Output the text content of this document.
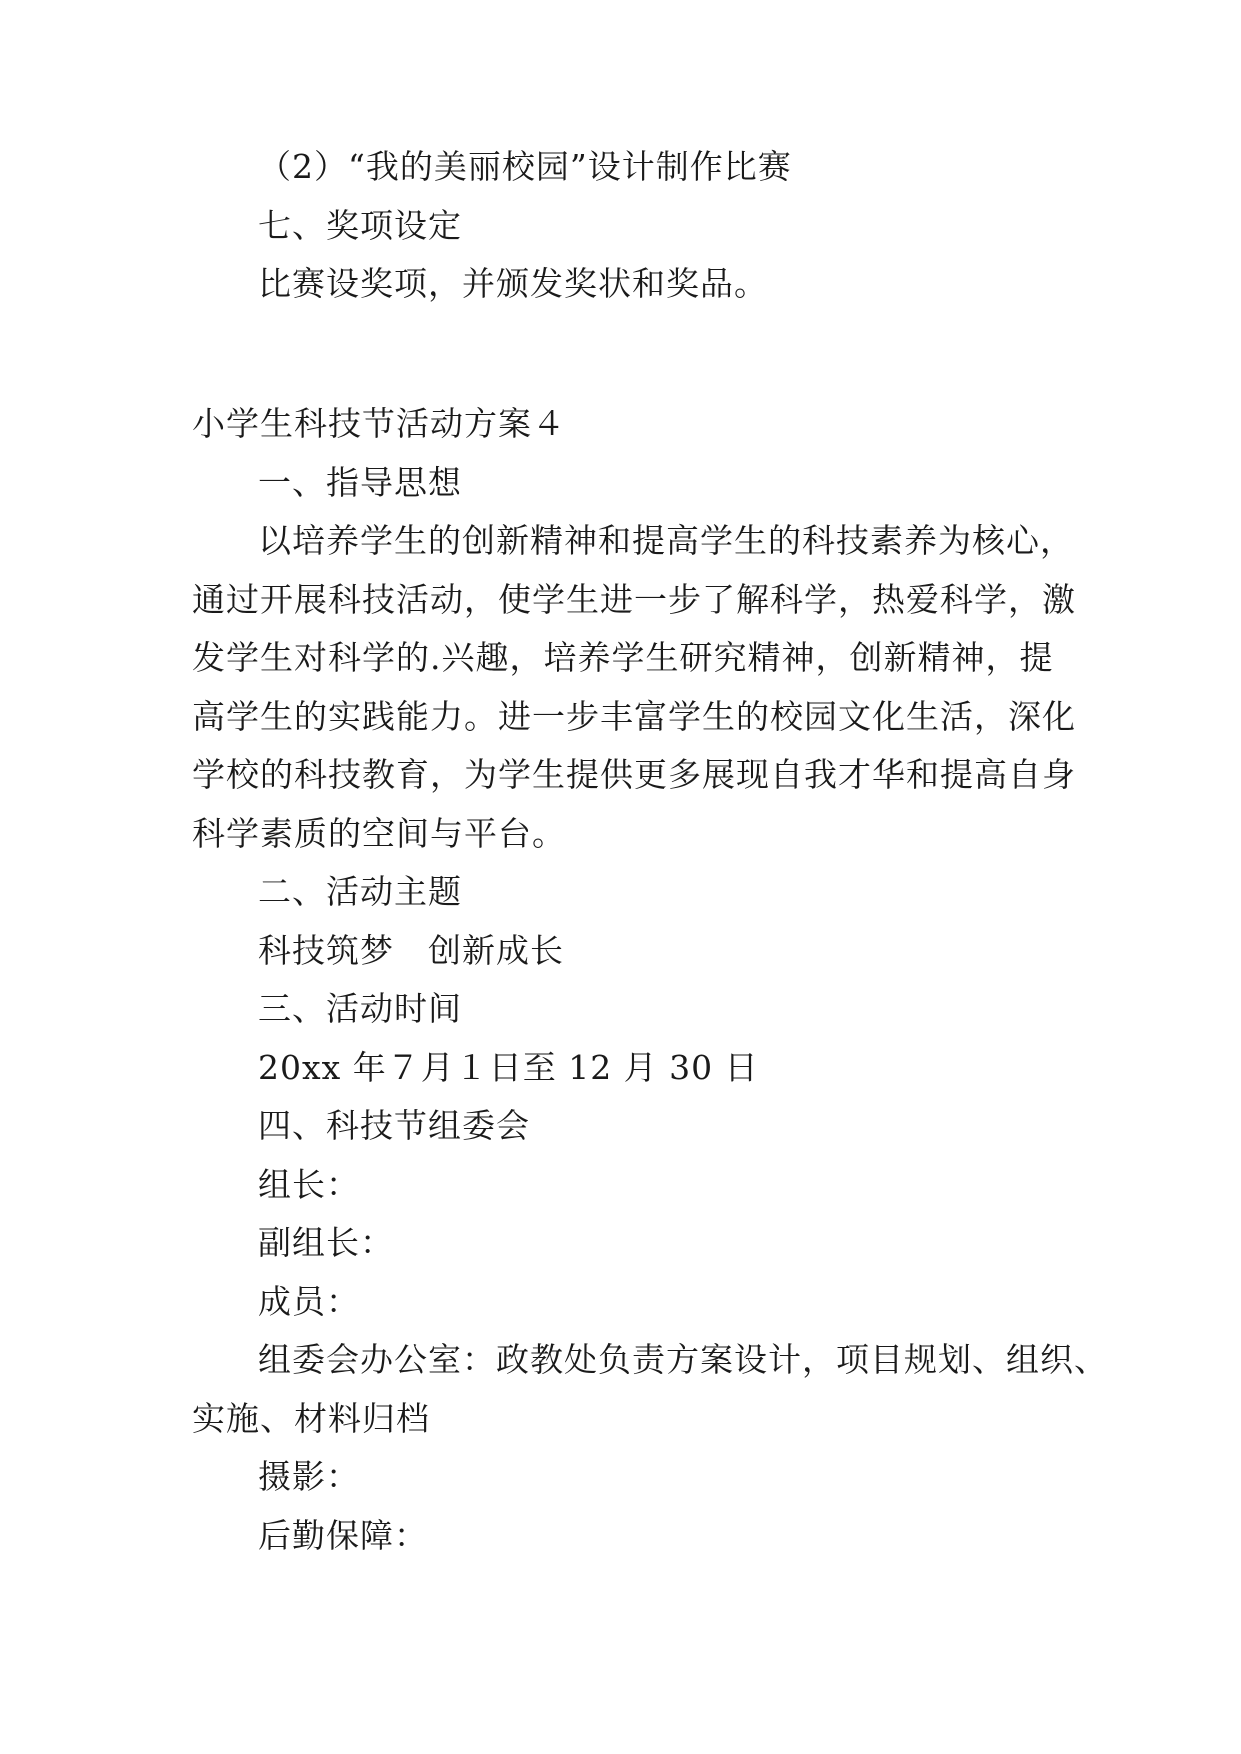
（2）“我的美丽校园”设计制作比赛
七、奖项设定
比赛设奖项，并颁发奖状和奖品。
小学生科技节活动方案４
一、指导思想
以培养学生的创新精神和提高学生的科技素养为核心，
通过开展科技活动，使学生进一步了解科学，热爱科学，激
发学生对科学的.兴趣，培养学生研究精神，创新精神，提
高学生的实践能力。进一步丰富学生的校园文化生活，深化
学校的科技教育，为学生提供更多展现自我才华和提高自身
科学素质的空间与平台。
二、活动主题
科技筑梦　创新成长
三、活动时间
20xx 年７月１日至 12 月 30 日
四、科技节组委会
组长：
副组长：
成员：
组委会办公室：政教处负责方案设计，项目规划、组织、
实施、材料归档
摄影：
后勤保障：
